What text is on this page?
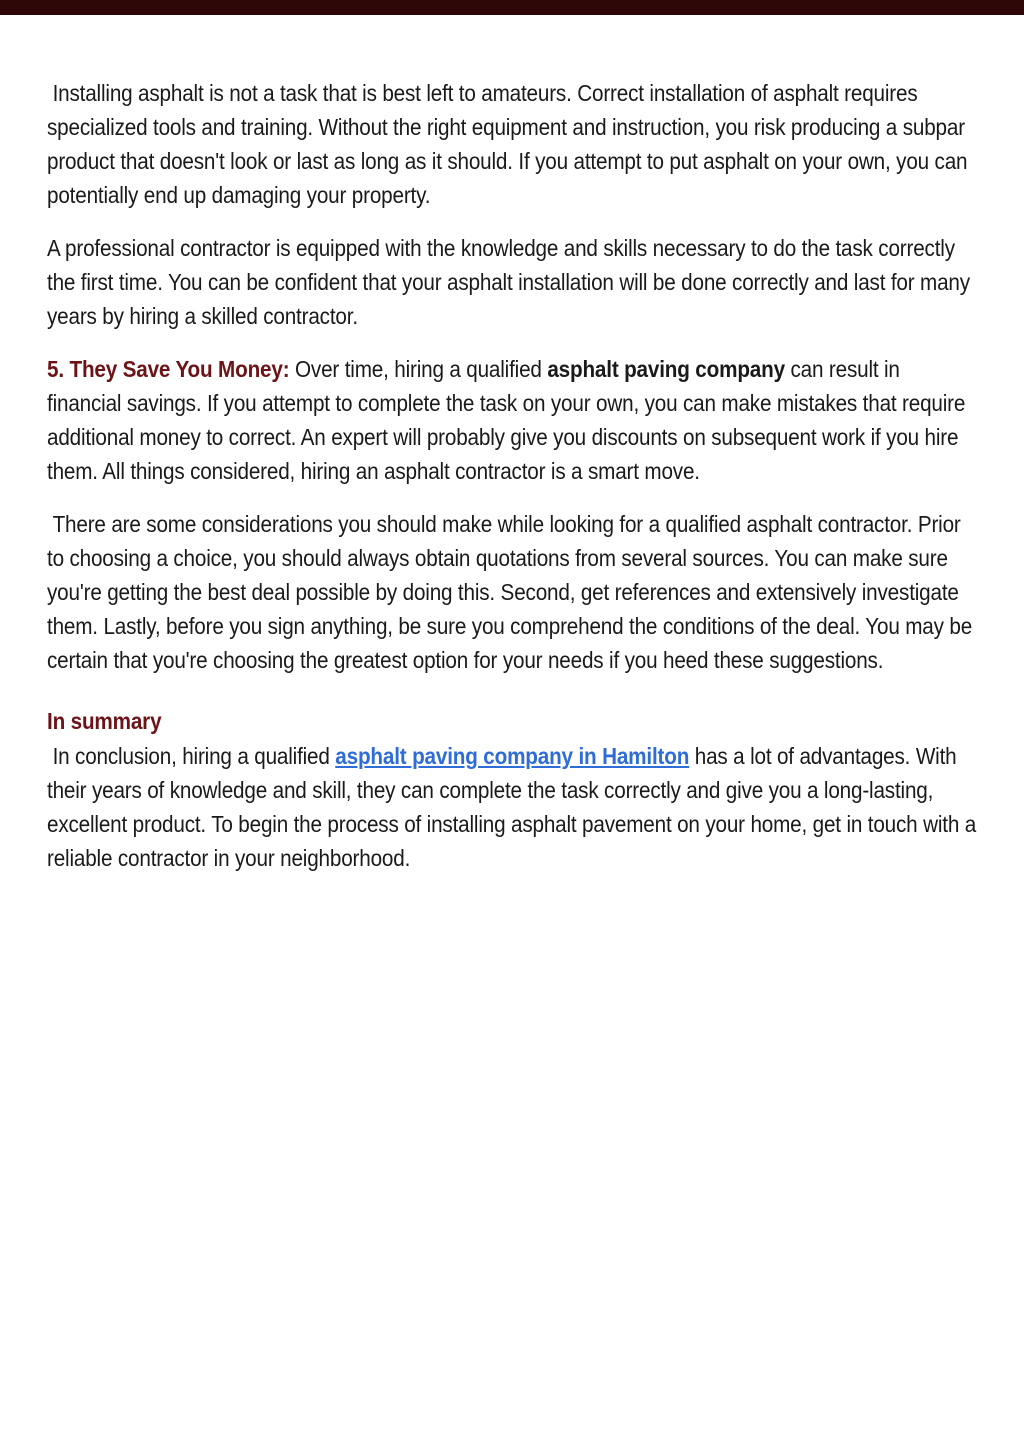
Installing asphalt is not a task that is best left to amateurs. Correct installation of asphalt requires specialized tools and training. Without the right equipment and instruction, you risk producing a subpar product that doesn't look or last as long as it should. If you attempt to put asphalt on your own, you can potentially end up damaging your property.

A professional contractor is equipped with the knowledge and skills necessary to do the task correctly the first time. You can be confident that your asphalt installation will be done correctly and last for many years by hiring a skilled contractor.

5. They Save You Money: Over time, hiring a qualified asphalt paving company can result in financial savings. If you attempt to complete the task on your own, you can make mistakes that require additional money to correct. An expert will probably give you discounts on subsequent work if you hire them. All things considered, hiring an asphalt contractor is a smart move.

There are some considerations you should make while looking for a qualified asphalt contractor. Prior to choosing a choice, you should always obtain quotations from several sources. You can make sure you're getting the best deal possible by doing this. Second, get references and extensively investigate them. Lastly, before you sign anything, be sure you comprehend the conditions of the deal. You may be certain that you're choosing the greatest option for your needs if you heed these suggestions.

In summary

In conclusion, hiring a qualified asphalt paving company in Hamilton has a lot of advantages. With their years of knowledge and skill, they can complete the task correctly and give you a long-lasting, excellent product. To begin the process of installing asphalt pavement on your home, get in touch with a reliable contractor in your neighborhood.
